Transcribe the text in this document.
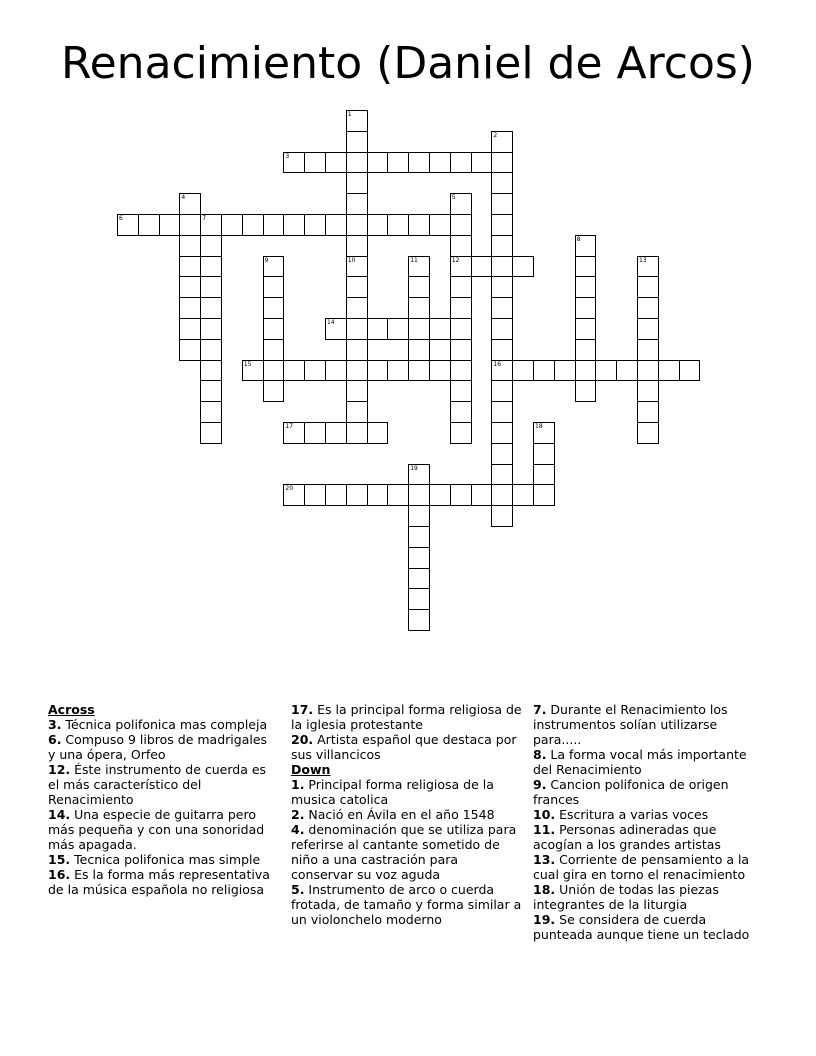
Renacimiento (Daniel de Arcos)
1
10
2
16
3
4	5
12
6	7
8
9	11	13
14
15
17	18
19
20
Across
3. Técnica polifonica mas compleja
6. Compuso 9 libros de madrigales y una ópera, Orfeo
12. Éste instrumento de cuerda es el más característico del Renacimiento
14. Una especie de guitarra pero más pequeña y con una sonoridad más apagada.
15. Tecnica polifonica mas simple
16. Es la forma más representativa de la música española no religiosa
17. Es la principal forma religiosa de la iglesia protestante
20. Artista español que destaca por sus villancicos
Down
1. Principal forma religiosa de la musica catolica
2. Nació en Ávila en el año 1548
4. denominación que se utiliza para referirse al cantante sometido de niño a una castración para conservar su voz aguda
5. Instrumento de arco o cuerda frotada, de tamaño y forma similar a un violonchelo moderno
7. Durante el Renacimiento los instrumentos solían utilizarse para.....
8. La forma vocal más importante del Renacimiento
9. Cancion polifonica de origen frances
10. Escritura a varias voces
11. Personas adineradas que acogían a los grandes artistas
13. Corriente de pensamiento a la cual gira en torno el renacimiento
18. Unión de todas las piezas integrantes de la liturgia
19. Se considera de cuerda punteada aunque tiene un teclado
